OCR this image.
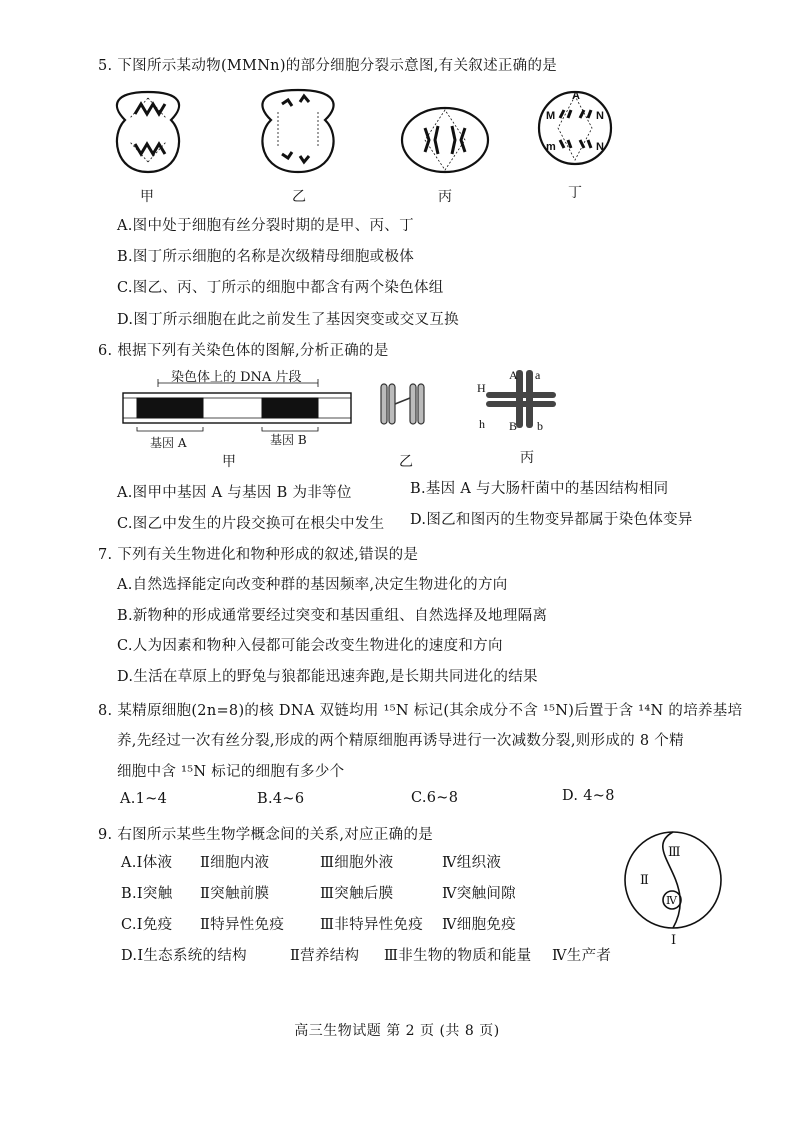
5. 下图所示某动物(MMNn)的部分细胞分裂示意图,有关叙述正确的是
A
M	N
m	N
甲	乙	丙	丁
A.图中处于细胞有丝分裂时期的是甲、丙、丁
B.图丁所示细胞的名称是次级精母细胞或极体
C.图乙、丙、丁所示的细胞中都含有两个染色体组
D.图丁所示细胞在此之前发生了基因突变或交叉互换
6. 根据下列有关染色体的图解,分析正确的是
染色体上的 DNA 片段	A a
H
h B b
基因 A	基因 B
甲	乙	丙
A.图甲中基因 A 与基因 B 为非等位	B.基因 A 与大肠杆菌中的基因结构相同
C.图乙中发生的片段交换可在根尖中发生 D.图乙和图丙的生物变异都属于染色体变异
7. 下列有关生物进化和物种形成的叙述,错误的是
A.自然选择能定向改变种群的基因频率,决定生物进化的方向
B.新物种的形成通常要经过突变和基因重组、自然选择及地理隔离
C.人为因素和物种入侵都可能会改变生物进化的速度和方向
D.生活在草原上的野兔与狼都能迅速奔跑,是长期共同进化的结果
8. 某精原细胞(2n=8)的核 DNA 双链均用 ¹⁵N 标记(其余成分不含 ¹⁵N)后置于含 ¹⁴N 的培养基培
养,先经过一次有丝分裂,形成的两个精原细胞再诱导进行一次减数分裂,则形成的 8 个精
细胞中含 ¹⁵N 标记的细胞有多少个
A.1~4	B.4~6	C.6~8	D. 4~8
9. 右图所示某些生物学概念间的关系,对应正确的是
A.Ⅰ体液 Ⅱ细胞内液	Ⅲ细胞外液	Ⅳ组织液
B.Ⅰ突触 Ⅱ突触前膜	Ⅲ突触后膜	Ⅳ突触间隙
C.Ⅰ免疫 Ⅱ特异性免疫 Ⅲ非特异性免疫 Ⅳ细胞免疫
D.Ⅰ生态系统的结构	Ⅱ营养结构 Ⅲ非生物的物质和能量 Ⅳ生产者
Ⅲ
Ⅱ
Ⅳ
Ⅰ
高三生物试题 第 2 页 (共 8 页)
